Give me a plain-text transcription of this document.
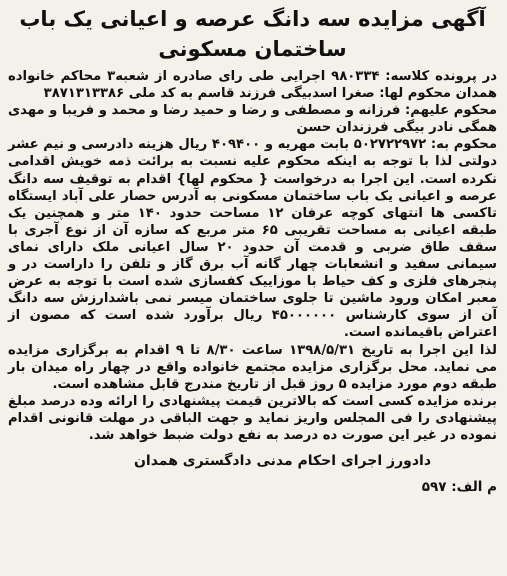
آگهی مزایده سه دانگ عرصه و اعیانی یک باب ساختمان مسکونی

در پرونده کلاسه: ۹۸۰۳۳۴ اجرایی طی رای صادره از شعبه۳ محاکم خانواده همدان محکوم لها: صغرا اسدبیگی فرزند قاسم به کد ملی ۳۸۷۱۳۱۳۳۸۶

محکوم علیهم: فرزانه و مصطفی و رضا و حمید رضا و محمد و فریبا و مهدی همگی نادر بیگی فرزندان حسن

محکوم به: ۵۰۲۷۲۲۹۷۲ بابت مهریه و ۴۰۹۴۰۰ ریال هزینه دادرسی و نیم عشر دولتی لذا با توجه به اینکه محکوم علیه نسبت به برائت ذمه خویش اقدامی نکرده است. این اجرا به درخواست { محکوم لها} اقدام به توقیف سه دانگ عرصه و اعیانی یک باب ساختمان مسکونی به آدرس حصار علی آباد ایستگاه تاکسی ها انتهای کوچه عرفان ۱۲ مساحت حدود ۱۴۰ متر و همچنین یک طبقه اعیانی به مساحت تقریبی ۶۵ متر مربع که سازه آن از نوع آجری با سقف طاق ضربی و قدمت آن حدود ۲۰ سال اعیانی ملک دارای نمای سیمانی سفید و انشعابات چهار گانه آب برق گاز و تلفن را داراست در و پنجرهای فلزی و کف حیاط با موزاییک کفسازی شده است با توجه به عرض معبر امکان ورود ماشین تا جلوی ساختمان میسر نمی باشدارزش سه دانگ آن از سوی کارشناس ۴۵۰۰۰۰۰۰ ریال برآورد شده است که مصون از اعتراض باقیمانده است.

لذا این اجرا به تاریخ ۱۳۹۸/۵/۳۱ ساعت ۸/۳۰ تا ۹ اقدام به برگزاری مزایده می نماید. محل برگزاری مزایده مجتمع خانواده واقع در چهار راه میدان بار طبقه دوم مورد مزایده ۵ روز قبل از تاریخ مندرج قابل مشاهده است.

برنده مزایده کسی است که بالاترین قیمت پیشنهادی را ارائه وده درصد مبلغ پیشنهادی را فی المجلس واریز نماید و جهت الباقی در مهلت قانونی اقدام نموده در غیر این صورت ده درصد به نفع دولت ضبط خواهد شد.

دادورز اجرای احکام مدنی دادگستری همدان
م الف: ۵۹۷
